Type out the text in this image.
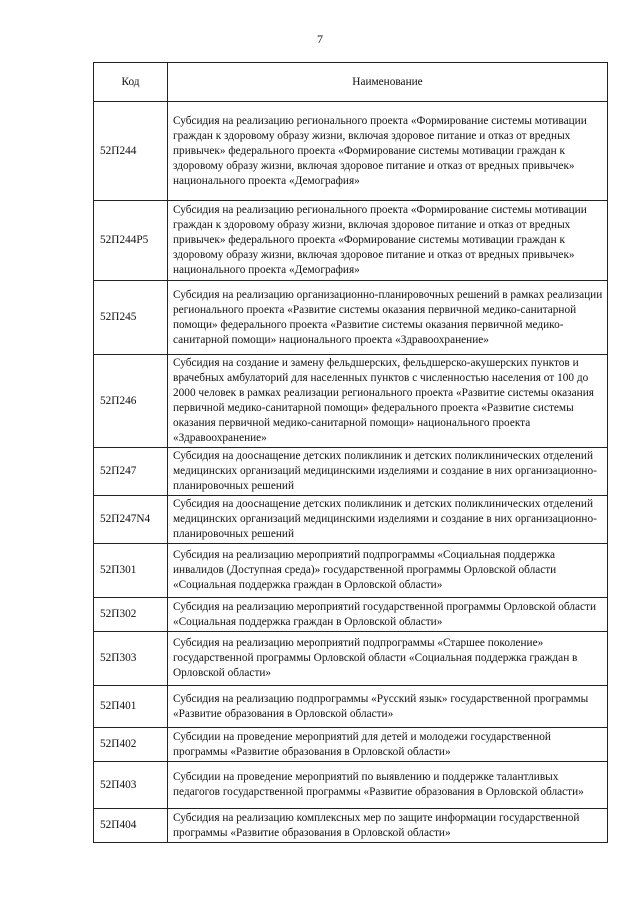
7
Код	Наименование
52П244	Субсидия на реализацию регионального проекта «Формирование системы мотивации граждан к здоровому образу жизни, включая здоровое питание и отказ от вредных привычек» федерального проекта «Формирование системы мотивации граждан к здоровому образу жизни, включая здоровое питание и отказ от вредных привычек» национального проекта «Демография»
52П244Р5	Субсидия на реализацию регионального проекта «Формирование системы мотивации граждан к здоровому образу жизни, включая здоровое питание и отказ от вредных привычек» федерального проекта «Формирование системы мотивации граждан к здоровому образу жизни, включая здоровое питание и отказ от вредных привычек» национального проекта «Демография»
52П245	Субсидия на реализацию организационно-планировочных решений в рамках реализации регионального проекта «Развитие системы оказания первичной медико-санитарной помощи» федерального проекта «Развитие системы оказания первичной медико-санитарной помощи» национального проекта «Здравоохранение»
52П246	Субсидия на создание и замену фельдшерских, фельдшерско-акушерских пунктов и врачебных амбулаторий для населенных пунктов с численностью населения от 100 до 2000 человек в рамках реализации регионального проекта «Развитие системы оказания первичной медико-санитарной помощи» федерального проекта «Развитие системы оказания первичной медико-санитарной помощи» национального проекта «Здравоохранение»
52П247	Субсидия на дооснащение детских поликлиник и детских поликлинических отделений медицинских организаций медицинскими изделиями и создание в них организационно-планировочных решений
52П247N4	Субсидия на дооснащение детских поликлиник и детских поликлинических отделений медицинских организаций медицинскими изделиями и создание в них организационно-планировочных решений
52П301	Субсидия на реализацию мероприятий подпрограммы «Социальная поддержка инвалидов (Доступная среда)» государственной программы Орловской области «Социальная поддержка граждан в Орловской области»
52П302	Субсидия на реализацию мероприятий государственной программы Орловской области «Социальная поддержка граждан в Орловской области»
52П303	Субсидия на реализацию мероприятий подпрограммы «Старшее поколение» государственной программы Орловской области «Социальная поддержка граждан в Орловской области»
52П401	Субсидия на реализацию подпрограммы «Русский язык» государственной программы «Развитие образования в Орловской области»
52П402	Субсидии на проведение мероприятий для детей и молодежи государственной программы «Развитие образования в Орловской области»
52П403	Субсидии на проведение мероприятий по выявлению и поддержке талантливых педагогов государственной программы «Развитие образования в Орловской области»
52П404	Субсидия на реализацию комплексных мер по защите информации государственной программы «Развитие образования в Орловской области»
